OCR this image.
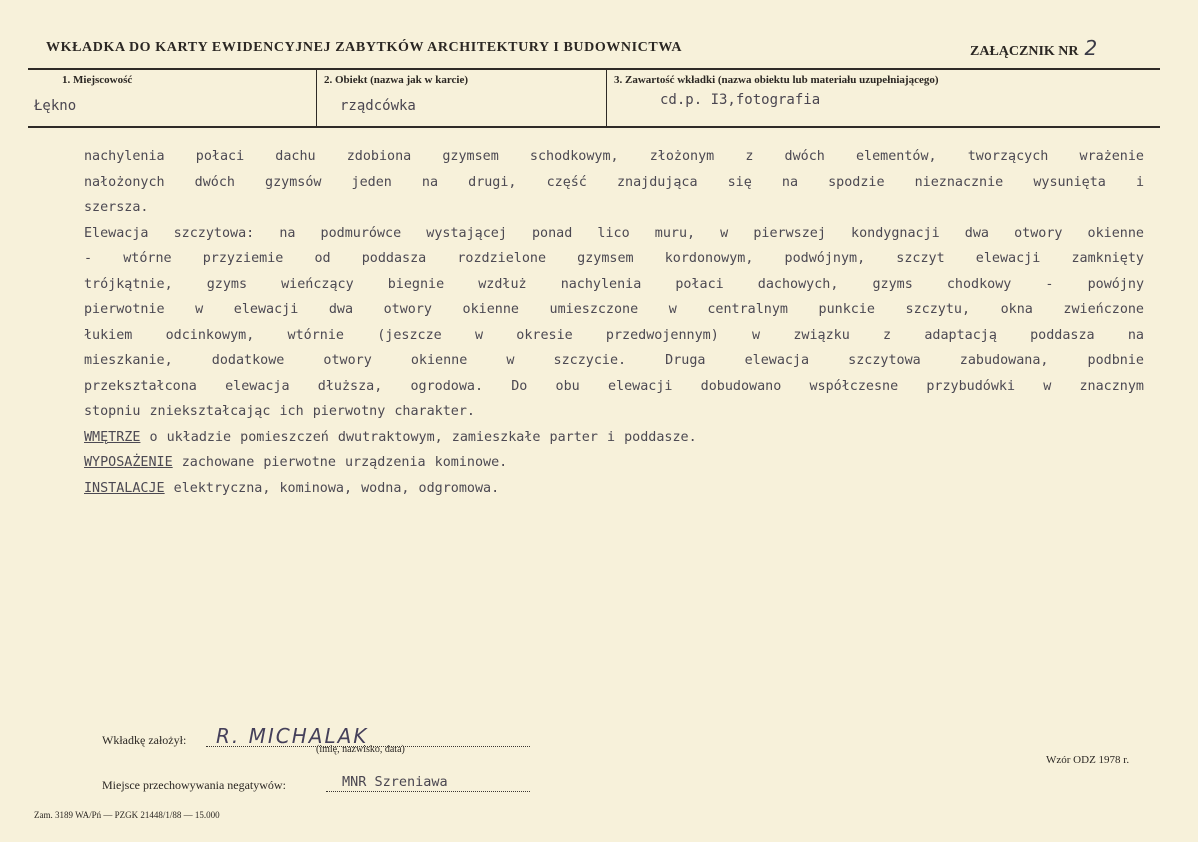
WKŁADKA DO KARTY EWIDENCYJNEJ ZABYTKÓW ARCHITEKTURY I BUDOWNICTWA	ZAŁĄCZNIK NR 2
1. Miejscowość
Łękno
2. Obiekt (nazwa jak w karcie)
rządcówka
3. Zawartość wkładki (nazwa obiektu lub materiału uzupełniającego)
cd.p. I3,fotografia
nachylenia połaci dachu zdobiona gzymsem schodkowym, złożonym z dwóch elementów, tworzących wrażenie
nałożonych dwóch gzymsów jeden na drugi, część znajdująca się na spodzie nieznacznie wysunięta i
szersza.
Elewacja szczytowa: na podmurówce wystającej ponad lico muru, w pierwszej kondygnacji dwa otwory okienne
- wtórne przyziemie od poddasza rozdzielone gzymsem kordonowym, podwójnym, szczyt elewacji zamknięty
trójkątnie, gzyms wieńczący biegnie wzdłuż nachylenia połaci dachowych, gzyms chodkowy - powójny
pierwotnie w elewacji dwa otwory okienne umieszczone w centralnym punkcie szczytu, okna zwieńczone
łukiem odcinkowym, wtórnie (jeszcze w okresie przedwojennym) w związku z adaptacją poddasza na
mieszkanie, dodatkowe otwory okienne w szczycie. Druga elewacja szczytowa zabudowana, podbnie
przekształcona elewacja dłuższa, ogrodowa. Do obu elewacji dobudowano współczesne przybudówki w znacznym
stopniu zniekształcając ich pierwotny charakter.
WMĘTRZE o układzie pomieszczeń dwutraktowym, zamieszkałe parter i poddasze.
WYPOSAŻENIE zachowane pierwotne urządzenia kominowe.
INSTALACJE elektryczna, kominowa, wodna, odgromowa.
Wkładkę założył: R. MICHALAK
(imię, nazwisko, data)
Miejsce przechowywania negatywów:	MNR Szreniawa
Wzór ODZ 1978 r.
Zam. 3189 WA/Pń — PZGK 21448/1/88 — 15.000
